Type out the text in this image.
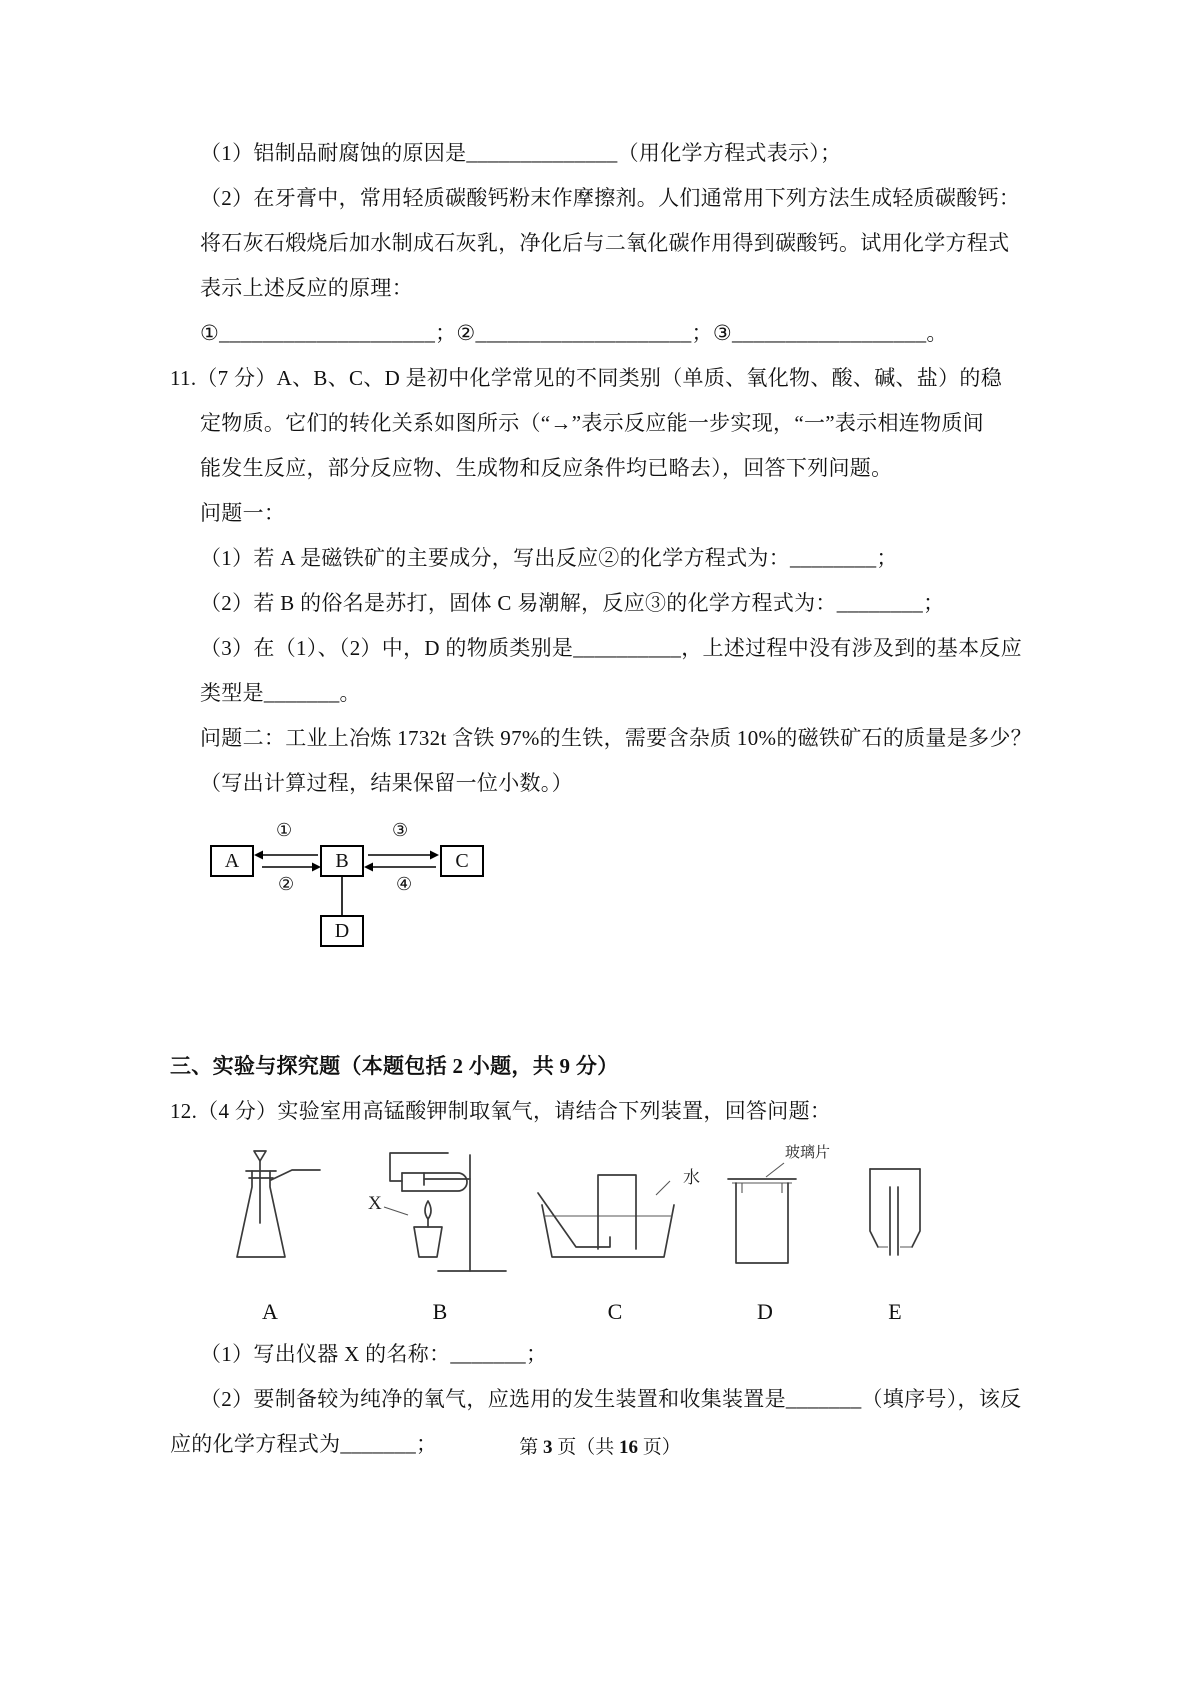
（1）铝制品耐腐蚀的原因是______________（用化学方程式表示）；

（2）在牙膏中，常用轻质碳酸钙粉末作摩擦剂。人们通常用下列方法生成轻质碳酸钙：

将石灰石煅烧后加水制成石灰乳，净化后与二氧化碳作用得到碳酸钙。试用化学方程式

表示上述反应的原理：

①____________________；②____________________；③__________________。

11.（7 分）A、B、C、D 是初中化学常见的不同类别（单质、氧化物、酸、碱、盐）的稳

定物质。它们的转化关系如图所示（“→”表示反应能一步实现，“一”表示相连物质间

能发生反应，部分反应物、生成物和反应条件均已略去），回答下列问题。

问题一：

（1）若 A 是磁铁矿的主要成分，写出反应②的化学方程式为：________；

（2）若 B 的俗名是苏打，固体 C 易潮解，反应③的化学方程式为：________；

（3）在（1）、（2）中，D 的物质类别是__________，上述过程中没有涉及到的基本反应

类型是_______。

问题二：工业上冶炼 1732t 含铁 97%的生铁，需要含杂质 10%的磁铁矿石的质量是多少？

（写出计算过程，结果保留一位小数。）

A	B	C
D
①
②
③
④

三、实验与探究题（本题包括 2 小题，共 9 分）

12.（4 分）实验室用高锰酸钾制取氧气，请结合下列装置，回答问题：

X
水
玻璃片
A	B	C	D	E

（1）写出仪器 X 的名称：_______；

（2）要制备较为纯净的氧气，应选用的发生装置和收集装置是_______（填序号），该反

应的化学方程式为_______；	第 3 页（共 16 页）
